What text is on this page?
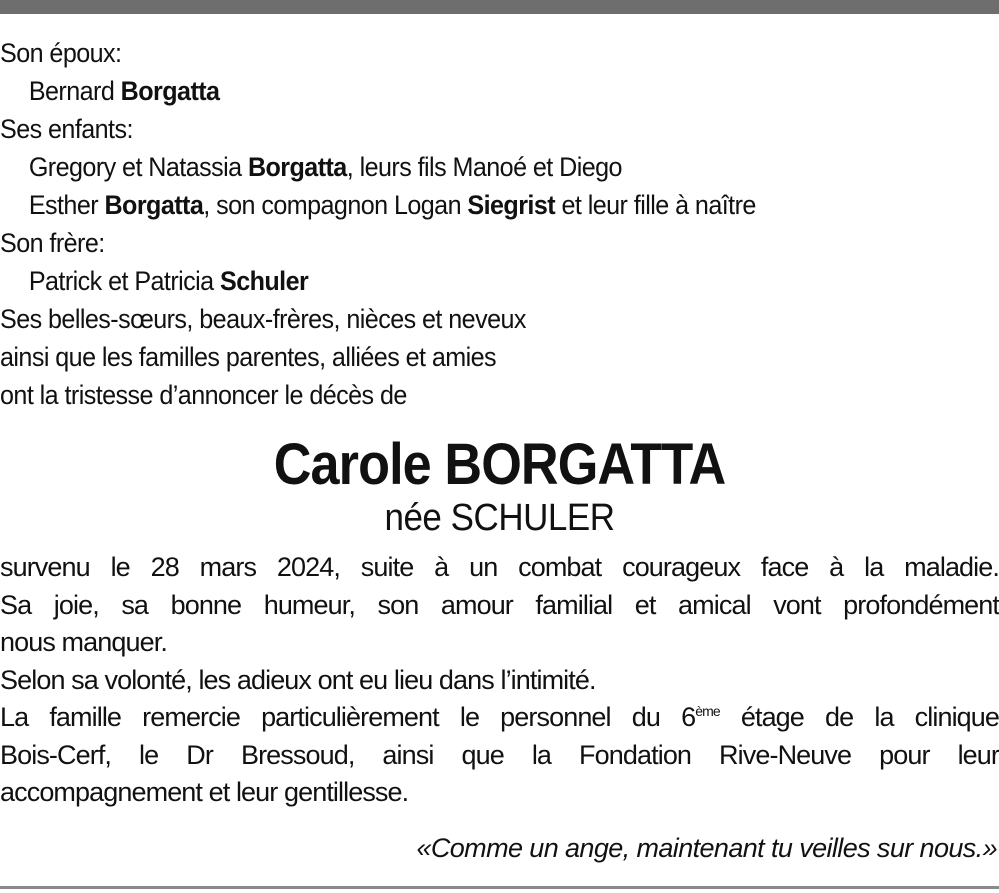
Son époux:
Bernard Borgatta
Ses enfants:
Gregory et Natassia Borgatta, leurs fils Manoé et Diego
Esther Borgatta, son compagnon Logan Siegrist et leur fille à naître
Son frère:
Patrick et Patricia Schuler
Ses belles-sœurs, beaux-frères, nièces et neveux
ainsi que les familles parentes, alliées et amies
ont la tristesse d’annoncer le décès de
Carole BORGATTA
née SCHULER
survenu le 28 mars 2024, suite à un combat courageux face à la maladie.
Sa joie, sa bonne humeur, son amour familial et amical vont profondément
nous manquer.
Selon sa volonté, les adieux ont eu lieu dans l’intimité.
La famille remercie particulièrement le personnel du 6ème étage de la clinique
Bois-Cerf, le Dr Bressoud, ainsi que la Fondation Rive-Neuve pour leur
accompagnement et leur gentillesse.
«Comme un ange, maintenant tu veilles sur nous.»
